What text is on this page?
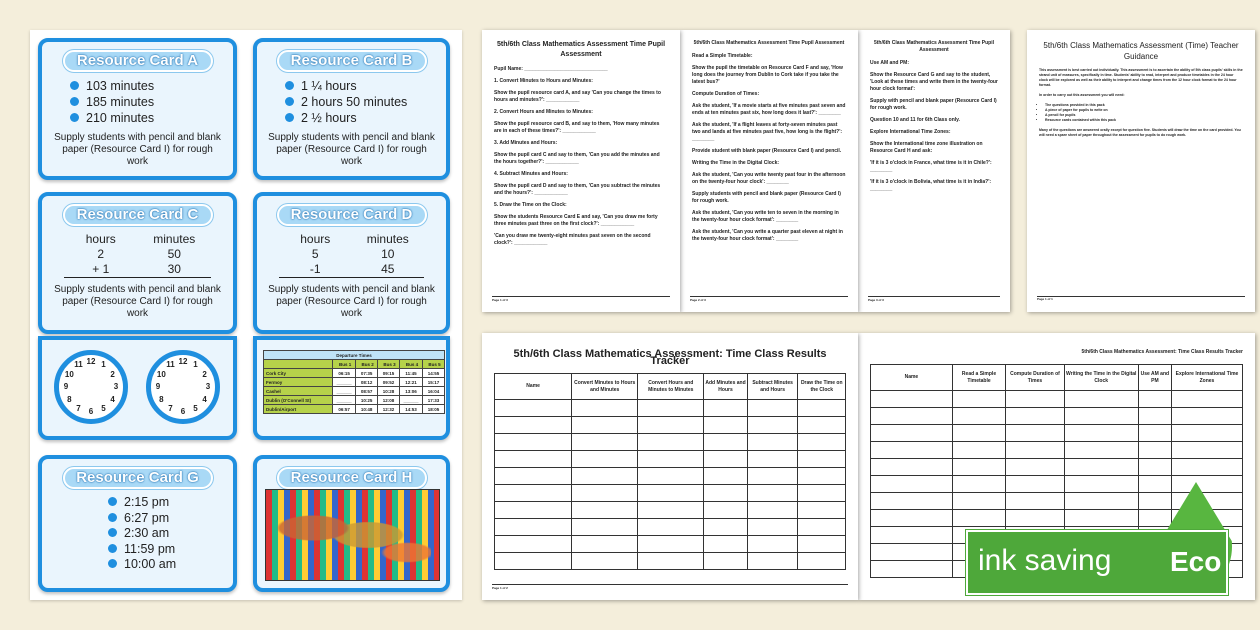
Resource Card A
103 minutes
185 minutes
210 minutes
Supply students with pencil and blank paper (Resource Card I) for rough work
Resource Card B
1 ¼ hours
2 hours 50 minutes
2 ½ hours
Supply students with pencil and blank paper (Resource Card I) for rough work
Resource Card C
hours	minutes
2	50
+ 1	30
Supply students with pencil and blank paper (Resource Card I) for rough work
Resource Card D
hours	minutes
5	10
-1	45
Supply students with pencil and blank paper (Resource Card I) for rough work
12 1
2
3
4
5
6
7
8
9
10
11	12 1
2
3
4
5
6
7
8
9
10
11
Departure Times					
	Bus 1	Bus 2	Bus 3	Bus 4	Bus 5
Cork City	06:15	07:35	09:15	11:45	14:55
Fermoy	______	08:12	09:52	12:21	15:17
Cashel	______	08:57	10:28	13:06	16:04
Dublin (O'Connell St)	______	10:25	12:08	______	17:33
Dublin/Airport	06:57	10:48	12:32	14:53	18:05
Resource Card G
2:15 pm
6:27 pm
2:30 am
11:59 pm
10:00 am
Resource Card H
5th/6th Class Mathematics Assessment Time Pupil Assessment

Use AM and PM:

Show the Resource Card G and say to the student, 'Look at these times and write them in the twenty-four hour clock format':

Supply with pencil and blank paper (Resource Card I) for rough work.

Question 10 and 11 for 6th Class only.

Explore International Time Zones:

Show the International time zone illustration on Resource Card H and ask:

'If it is 3 o'clock in France, what time is it in Chile?': ________

'If it is 3 o'clock in Bolivia, what time is it in India?': ________

Page 3 of 3
5th/6th Class Mathematics Assessment Time Pupil Assessment

Read a Simple Timetable:

Show the pupil the timetable on Resource Card F and say, 'How long does the journey from Dublin to Cork take if you take the latest bus?'

Compute Duration of Times:

Ask the student, 'If a movie starts at five minutes past seven and ends at ten minutes past six, how long does it last?': ________

Ask the student, 'If a flight leaves at forty-seven minutes past two and lands at five minutes past five, how long is the flight?': ________

Provide student with blank paper (Resource Card I) and pencil.

Writing the Time in the Digital Clock:

Ask the student, 'Can you write twenty past four in the afternoon on the twenty-four hour clock': ________

Supply students with pencil and blank paper (Resource Card I) for rough work.

Ask the student, 'Can you write ten to seven in the morning in the twenty-four hour clock format': ________

Ask the student, 'Can you write a quarter past eleven at night in the twenty-four hour clock format': ________

Page 2 of 3
5th/6th Class Mathematics Assessment Time Pupil Assessment

Pupil Name: ______________________________

1. Convert Minutes to Hours and Minutes:

Show the pupil resource card A, and say 'Can you change the times to hours and minutes?': ____________

2. Convert Hours and Minutes to Minutes:

Show the pupil resource card B, and say to them, 'How many minutes are in each of these times?': ____________

3. Add Minutes and Hours:

Show the pupil card C and say to them, 'Can you add the minutes and the hours together?': ____________

4. Subtract Minutes and Hours:

Show the pupil card D and say to them, 'Can you subtract the minutes and the hours?': ____________

5. Draw the Time on the Clock:

Show the students Resource Card E and say, 'Can you draw me forty three minutes past three on the first clock?': ____________

'Can you draw me twenty-eight minutes past seven on the second clock?': ____________

Page 1 of 3
5th/6th Class Mathematics Assessment (Time) Teacher Guidance

This assessment is best carried out individually. This assessment is to ascertain the ability of 5th class pupils' skills in the strand unit of measures, specifically in time. Students' ability to read, interpret and produce timetables in the 24 hour clock will be explored as well as their ability to interpret and change times from the 12 hour clock format to the 24 hour format.

In order to carry out this assessment you will need:

• The questions provided in this pack
• A piece of paper for pupils to write on
• A pencil for pupils
• Resource cards contained within this pack

Many of the questions are answered orally except for question five. Students will draw the time on the card provided. You will need a spare sheet of paper throughout the assessment for pupils to do rough work.

Page 1 of 1
5th/6th Class Mathematics Assessment: Time Class Results Tracker
Name	Read a Simple Timetable	Compute Duration of Times	Writing the Time in the Digital Clock	Use AM and PM	Explore International Time Zones

5th/6th Class Mathematics Assessment: Time Class Results Tracker
Name	Convert Minutes to Hours and Minutes	Convert Hours and Minutes to Minutes	Add Minutes and Hours	Subtract Minutes and Hours	Draw the Time on the Clock

Page 1 of 2
ink saving Eco
